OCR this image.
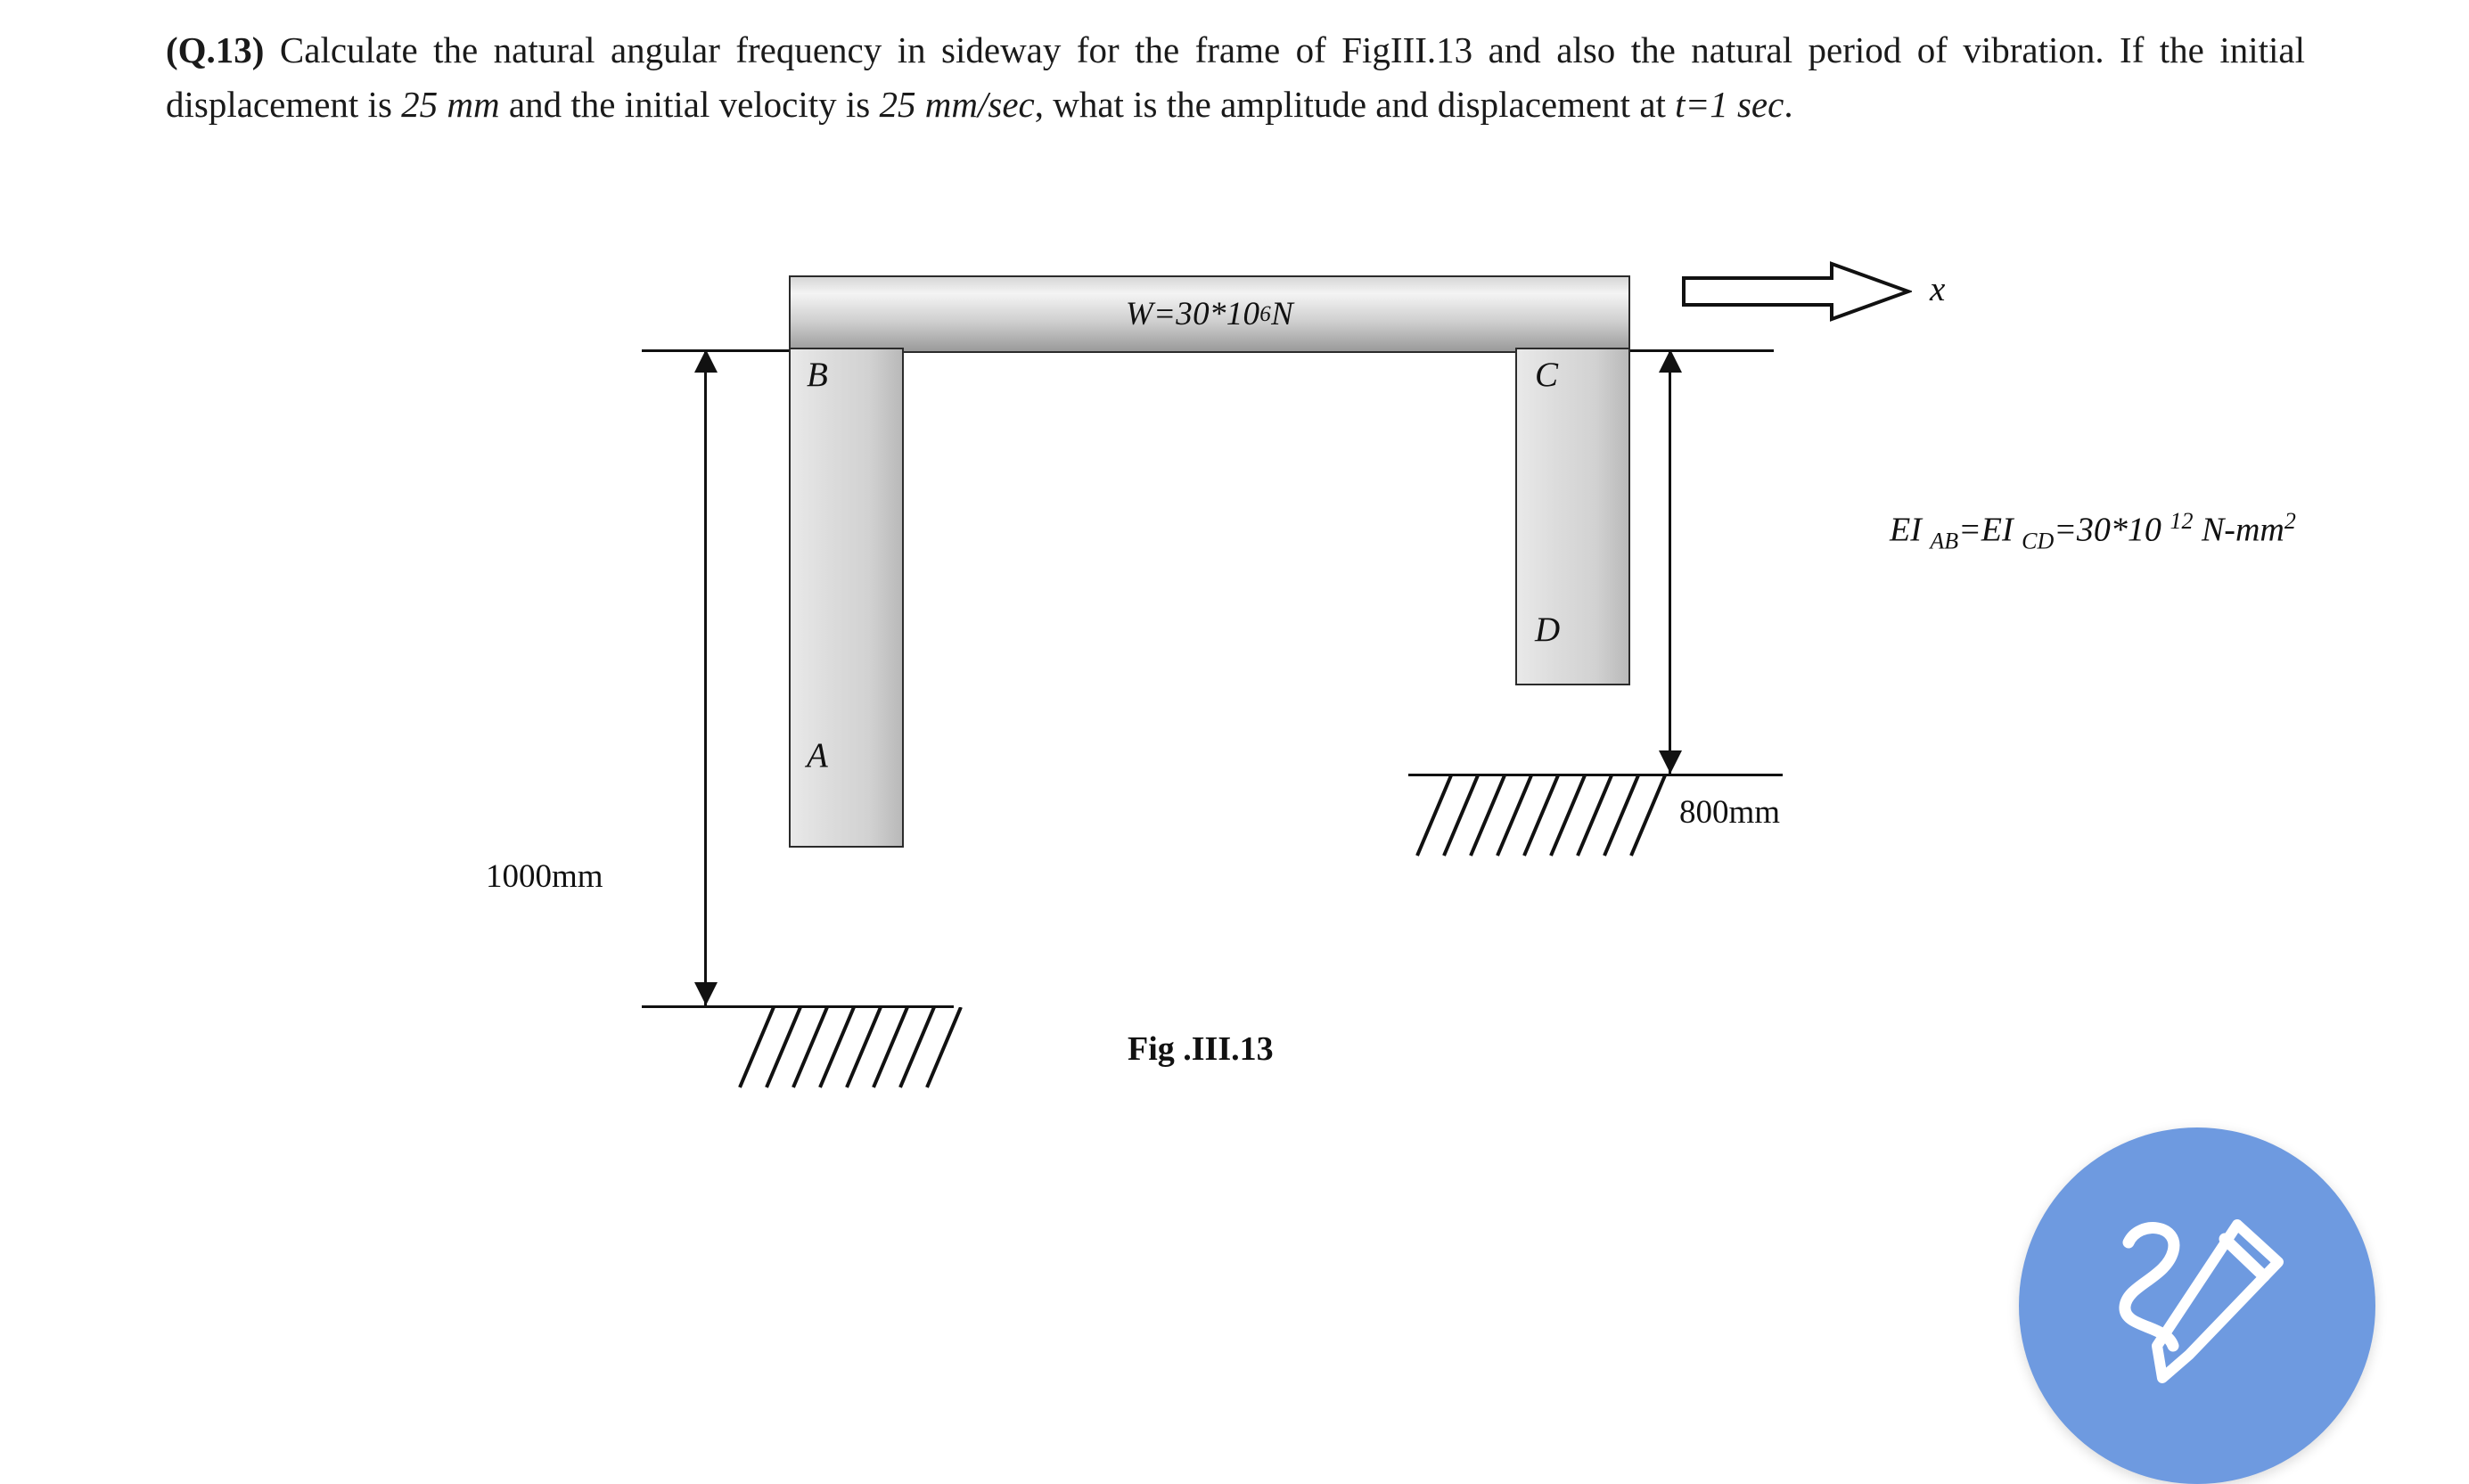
(Q.13) Calculate the natural angular frequency in sideway for the frame of FigIII.13 and also the natural period of vibration. If the initial displacement is 25 mm and the initial velocity is 25 mm/sec, what is the amplitude and displacement at t=1 sec.
W=30*10 6 N
B	C
D
A
1000mm
800mm
x
EI $_{AB}$=EI $_{CD}$=30*10 $^{12}$ $N-mm^2$
Fig .III.13
